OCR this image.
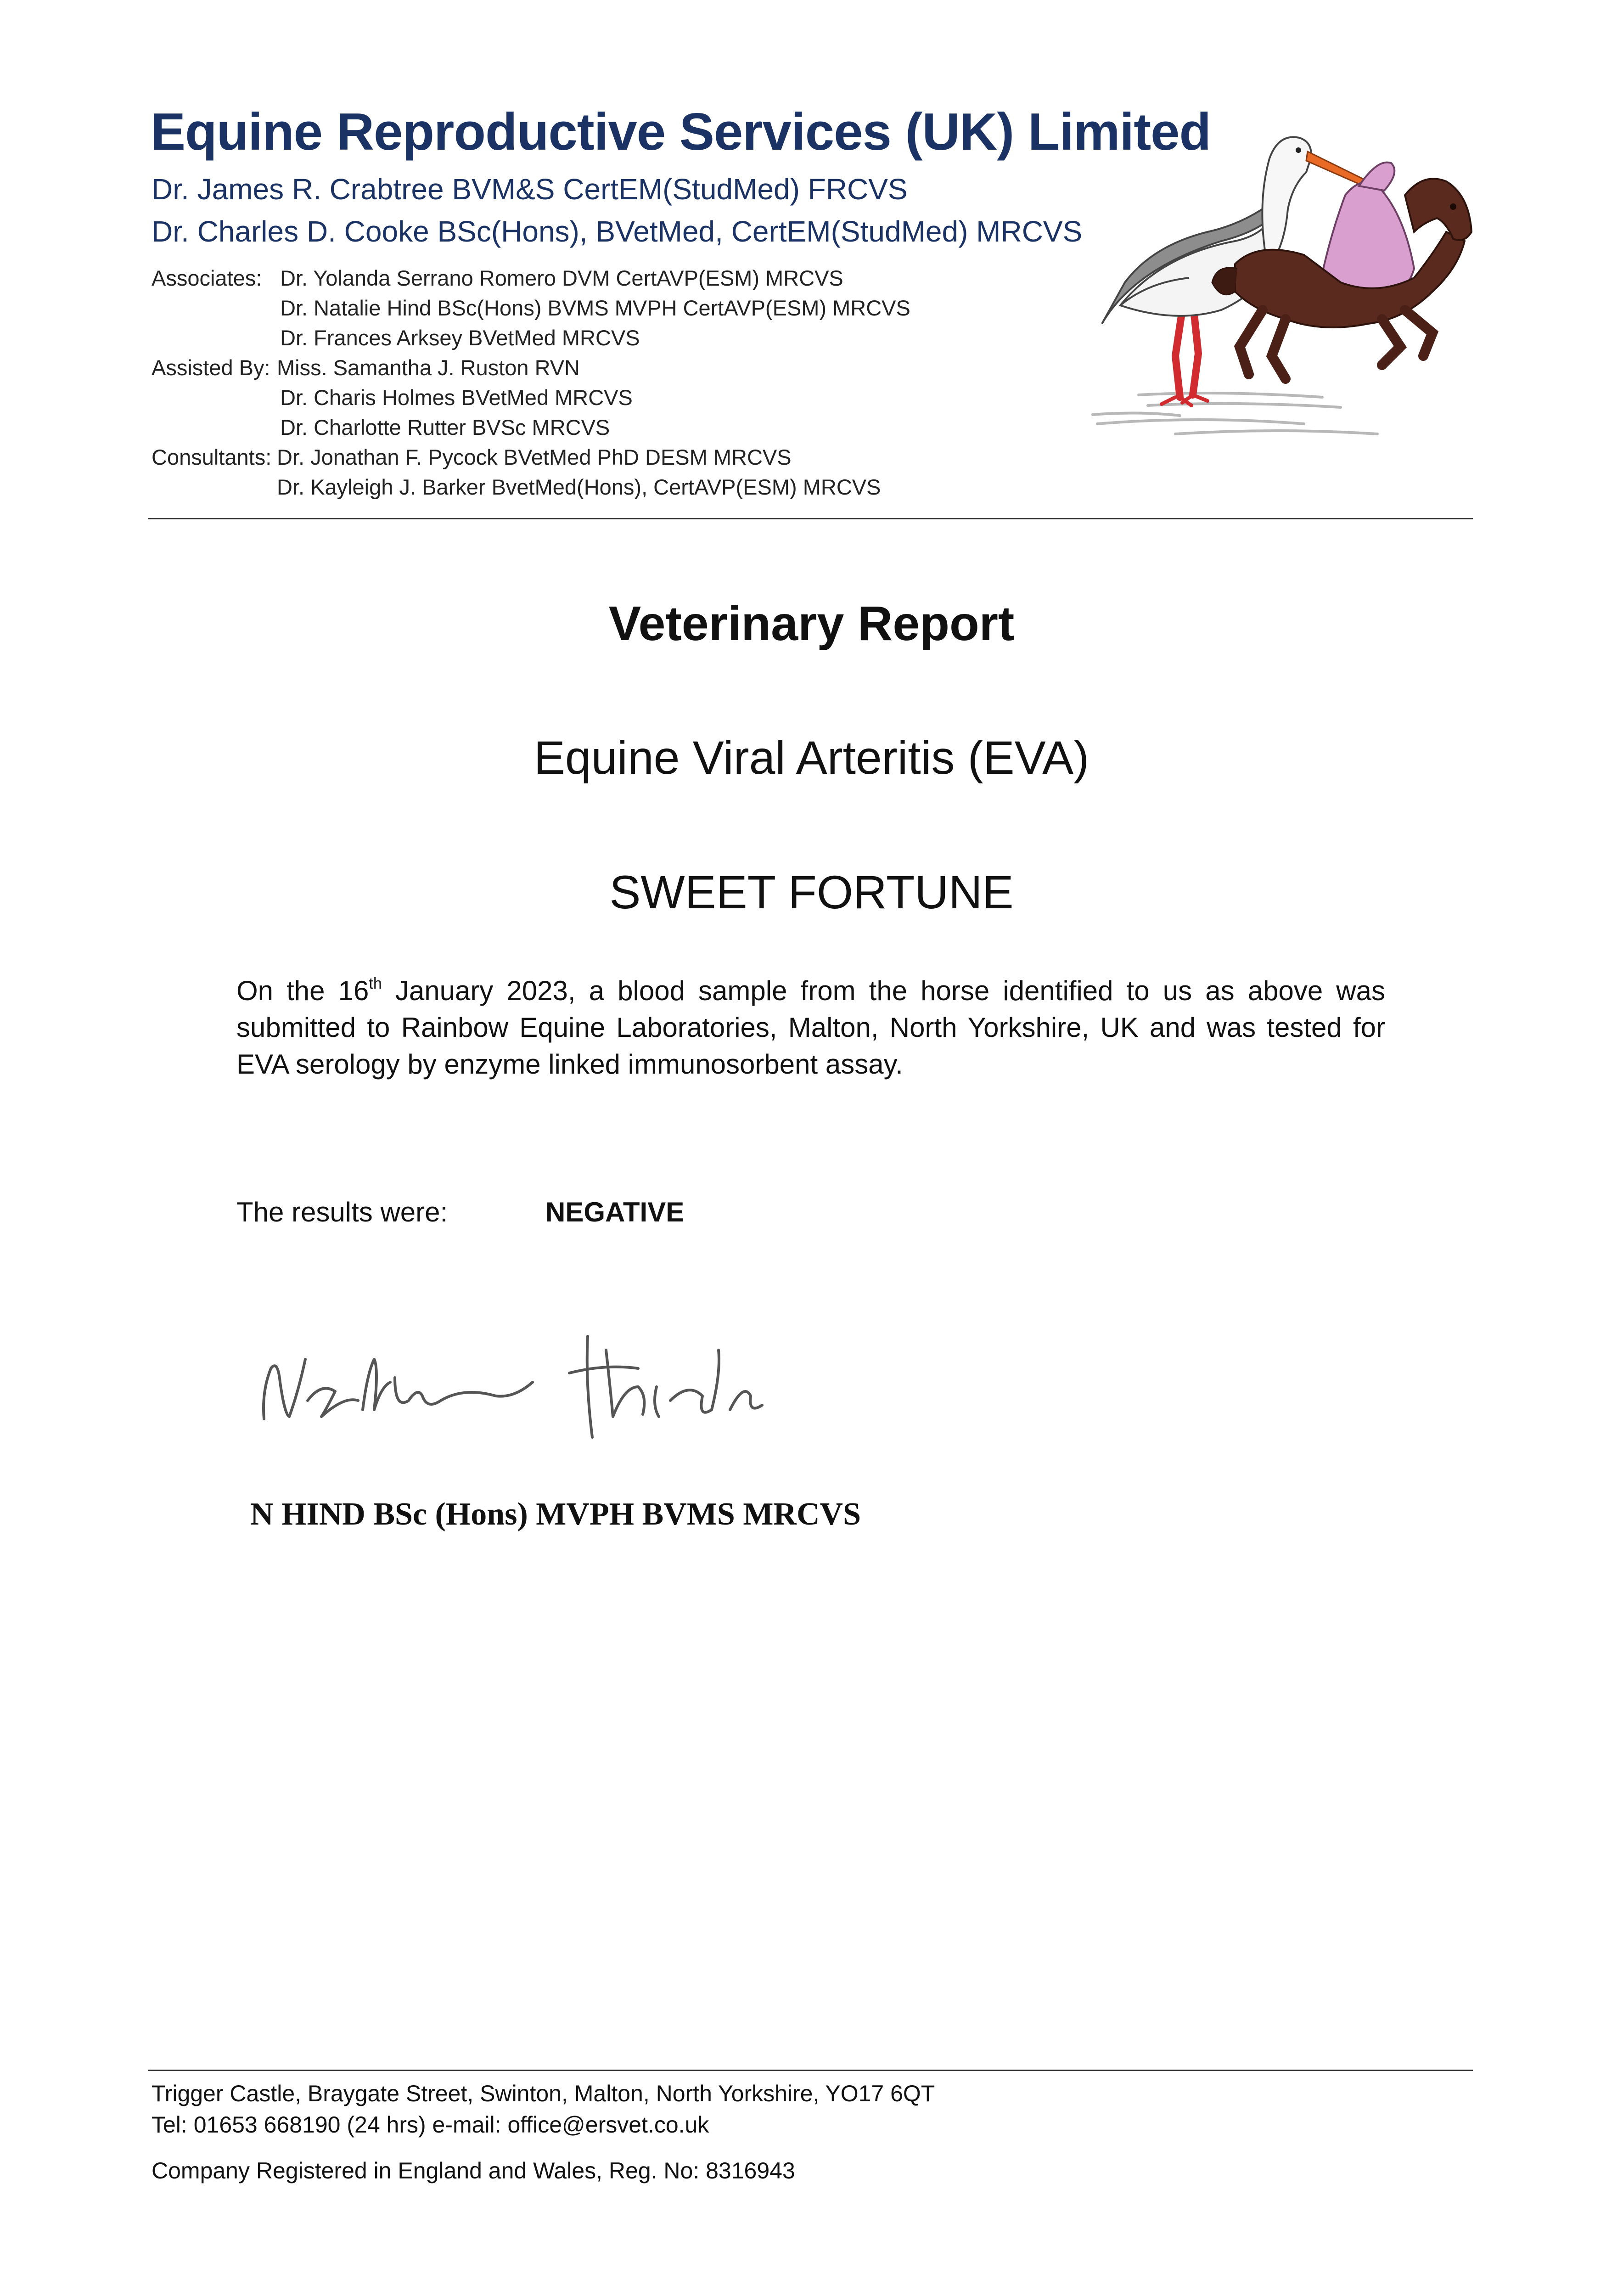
Equine Reproductive Services (UK) Limited
Dr. James R. Crabtree BVM&S CertEM(StudMed) FRCVS
Dr. Charles D. Cooke BSc(Hons), BVetMed, CertEM(StudMed) MRCVS
Associates: Dr. Yolanda Serrano Romero DVM CertAVP(ESM) MRCVS
Dr. Natalie Hind BSc(Hons) BVMS MVPH CertAVP(ESM) MRCVS
Dr. Frances Arksey BVetMed MRCVS
Assisted By: Miss. Samantha J. Ruston RVN
Dr. Charis Holmes BVetMed MRCVS
Dr. Charlotte Rutter BVSc MRCVS
Consultants: Dr. Jonathan F. Pycock BVetMed PhD DESM MRCVS
Dr. Kayleigh J. Barker BvetMed(Hons), CertAVP(ESM) MRCVS
Veterinary Report
Equine Viral Arteritis (EVA)
SWEET FORTUNE
On the 16th January 2023, a blood sample from the horse identified to us as above was
submitted to Rainbow Equine Laboratories, Malton, North Yorkshire, UK and was tested for
EVA serology by enzyme linked immunosorbent assay.
The results were:	NEGATIVE
N HIND BSc (Hons) MVPH BVMS MRCVS
Trigger Castle, Braygate Street, Swinton, Malton, North Yorkshire, YO17 6QT
Tel: 01653 668190 (24 hrs) e-mail: office@ersvet.co.uk
Company Registered in England and Wales, Reg. No: 8316943
